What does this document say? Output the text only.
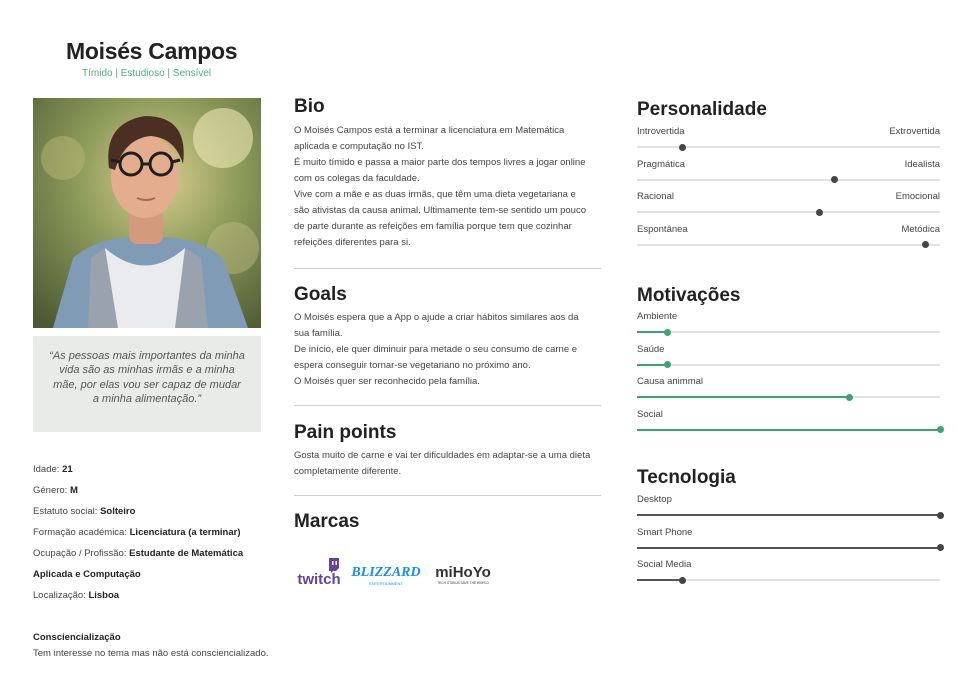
Moisés Campos
Tímido | Estudioso | Sensível

“As pessoas mais importantes da minha vida são as minhas irmãs e a minha mãe, por elas vou ser capaz de mudar a minha alimentação.”

Idade: 21
Género: M
Estatuto social: Solteiro
Formação académica: Licenciatura (a terminar)
Ocupação / Profissão: Estudante de Matemática
Aplicada e Computação
Localização: Lisboa
Consciencialização
Tem interesse no tema mas não está consciencializado.
Bio
O Moisés Campos está a terminar a licenciatura em Matemática
aplicada e computação no IST.
É muito tímido e passa a maior parte dos tempos livres a jogar online
com os colegas da faculdade.
Vive com a mãe e as duas irmãs, que têm uma dieta vegetariana e
são ativistas da causa animal. Ultimamente tem-se sentido um pouco
de parte durante as refeições em família porque tem que cozinhar
refeições diferentes para si.
Goals
O Moisés espera que a App o ajude a criar hábitos similares aos da
sua família.
De início, ele quer diminuir para metade o seu consumo de carne e
espera conseguir tornar-se vegetariano no próximo ano.
O Moisés quer ser reconhecido pela família.
Pain points
Gosta muito de carne e vai ter dificuldades em adaptar-se a uma dieta
completamente diferente.
Marcas
twitch BLIZZARD
ENTERTAINMENT
miHoYo
TECH OTAKUS SAVE THE WORLD
Personalidade
Motivações
Tecnologia
Introvertida	Extrovertida
Pragmática	Idealista
Racional	Emocional
Espontânea	Metódica
Ambiente
Saúde
Causa animmal
Social
Desktop
Smart Phone
Social Media
